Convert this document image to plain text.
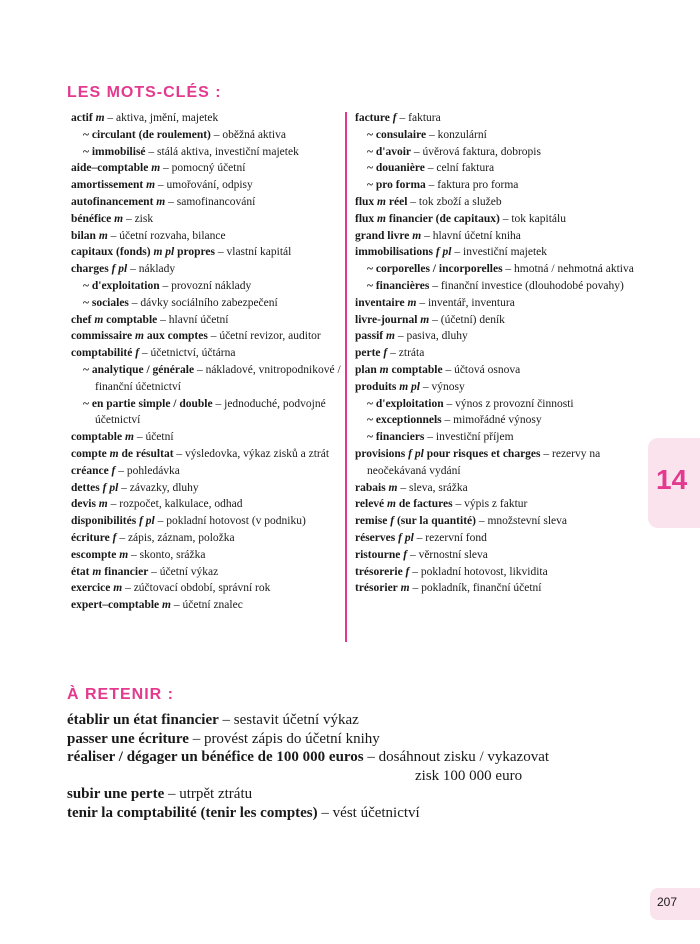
LES MOTS-CLÉS :
actif m – aktiva, jmění, majetek
~ circulant (de roulement) – oběžná aktiva
~ immobilisé – stálá aktiva, investiční majetek
aide–comptable m – pomocný účetní
amortissement m – umořování, odpisy
autofinancement m – samofinancování
bénéfice m – zisk
bilan m – účetní rozvaha, bilance
capitaux (fonds) m pl propres – vlastní kapitál
charges f pl – náklady
~ d'exploitation – provozní náklady
~ sociales – dávky sociálního zabezpečení
chef m comptable – hlavní účetní
commissaire m aux comptes – účetní revizor, auditor
comptabilité f – účetnictví, účtárna
~ analytique / générale – nákladové, vnitropodnikové / finanční účetnictví
~ en partie simple / double – jednoduché, podvojné účetnictví
comptable m – účetní
compte m de résultat – výsledovka, výkaz zisků a ztrát
créance f – pohledávka
dettes f pl – závazky, dluhy
devis m – rozpočet, kalkulace, odhad
disponibilités f pl – pokladní hotovost (v podniku)
écriture f – zápis, záznam, položka
escompte m – skonto, srážka
état m financier – účetní výkaz
exercice m – zúčtovací období, správní rok
expert–comptable m – účetní znalec
facture f – faktura
~ consulaire – konzulární
~ d'avoir – úvěrová faktura, dobropis
~ douanière – celní faktura
~ pro forma – faktura pro forma
flux m réel – tok zboží a služeb
flux m financier (de capitaux) – tok kapitálu
grand livre m – hlavní účetní kniha
immobilisations f pl – investiční majetek
~ corporelles / incorporelles – hmotná / nehmotná aktiva
~ financières – finanční investice (dlouhodobé povahy)
inventaire m – inventář, inventura
livre-journal m – (účetní) deník
passif m – pasiva, dluhy
perte f – ztráta
plan m comptable – účtová osnova
produits m pl – výnosy
~ d'exploitation – výnos z provozní činnosti
~ exceptionnels – mimořádné výnosy
~ financiers – investiční příjem
provisions f pl pour risques et charges – rezervy na neočekávaná vydání
rabais m – sleva, srážka
relevé m de factures – výpis z faktur
remise f (sur la quantité) – množstevní sleva
réserves f pl – rezervní fond
ristourne f – věrnostní sleva
trésorerie f – pokladní hotovost, likvidita
trésorier m – pokladník, finanční účetní
À RETENIR :
établir un état financier – sestavit účetní výkaz
passer une écriture – provést zápis do účetní knihy
réaliser / dégager un bénéfice de 100 000 euros – dosáhnout zisku / vykazovat
zisk 100 000 euro
subir une perte – utrpět ztrátu
tenir la comptabilité (tenir les comptes) – vést účetnictví
14
207
